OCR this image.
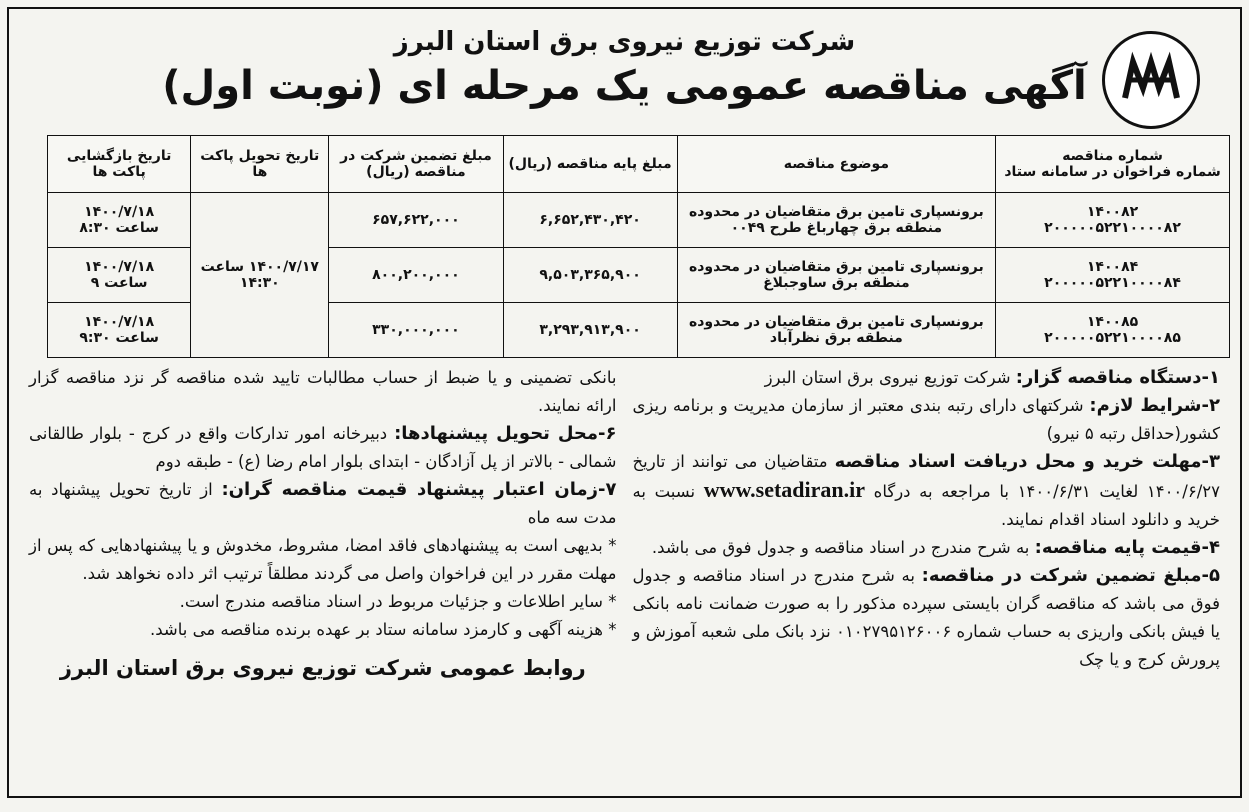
شرکت توزیع نیروی برق استان البرز
آگهی مناقصه عمومی یک مرحله ای (نوبت اول)
شماره مناقصه
شماره فراخوان در سامانه ستاد	موضوع مناقصه	مبلغ پایه مناقصه (ریال)	مبلغ تضمین شرکت در مناقصه (ریال)	تاریخ تحویل پاکت ها	تاریخ بازگشایی پاکت ها

۱۴۰۰۸۲
۲۰۰۰۰۰۵۲۲۱۰۰۰۰۸۲	برونسپاری تامین برق متقاضیان در محدوده منطقه برق چهارباغ طرح ۰۰۴۹	۶,۶۵۲,۴۳۰,۴۲۰	۶۵۷,۶۲۲,۰۰۰	۱۴۰۰/۷/۱۷ ساعت ۱۴:۳۰	۱۴۰۰/۷/۱۸
ساعت ۸:۳۰

۱۴۰۰۸۴
۲۰۰۰۰۰۵۲۲۱۰۰۰۰۸۴	برونسپاری تامین برق متقاضیان در محدوده منطقه برق ساوجبلاغ	۹,۵۰۳,۳۶۵,۹۰۰	۸۰۰,۲۰۰,۰۰۰		۱۴۰۰/۷/۱۸
ساعت ۹

۱۴۰۰۸۵
۲۰۰۰۰۰۵۲۲۱۰۰۰۰۸۵	برونسپاری تامین برق متقاضیان در محدوده منطقه برق نظرآباد	۳,۲۹۳,۹۱۳,۹۰۰	۳۳۰,۰۰۰,۰۰۰		۱۴۰۰/۷/۱۸
ساعت ۹:۳۰

۱-دستگاه مناقصه گزار: شرکت توزیع نیروی برق استان البرز

۲-شرایط لازم: شرکتهای دارای رتبه بندی معتبر از سازمان مدیریت و برنامه ریزی کشور(حداقل رتبه ۵ نیرو)

۳-مهلت خرید و محل دریافت اسناد مناقصه متقاضیان می توانند از تاریخ ۱۴۰۰/۶/۲۷ لغایت ۱۴۰۰/۶/۳۱ با مراجعه به درگاه www.setadiran.ir نسبت به خرید و دانلود اسناد اقدام نمایند.

۴-قیمت پایه مناقصه: به شرح مندرج در اسناد مناقصه و جدول فوق می باشد.

۵-مبلغ تضمین شرکت در مناقصه: به شرح مندرج در اسناد مناقصه و جدول فوق می باشد که مناقصه گران بایستی سپرده مذکور را به صورت ضمانت نامه بانکی یا فیش بانکی واریزی به حساب شماره ۰۱۰۲۷۹۵۱۲۶۰۰۶ نزد بانک ملی شعبه آموزش و پرورش کرج و یا چک

بانکی تضمینی و یا ضبط از حساب مطالبات تایید شده مناقصه گر نزد مناقصه گزار ارائه نمایند.

۶-محل تحویل پیشنهادها: دبیرخانه امور تدارکات واقع در کرج - بلوار طالقانی شمالی - بالاتر از پل آزادگان - ابتدای بلوار امام رضا (ع) - طبقه دوم

۷-زمان اعتبار پیشنهاد قیمت مناقصه گران: از تاریخ تحویل پیشنهاد به مدت سه ماه

* بدیهی است به پیشنهادهای فاقد امضا، مشروط، مخدوش و یا پیشنهادهایی که پس از مهلت مقرر در این فراخوان واصل می گردند مطلقاً ترتیب اثر داده نخواهد شد.

* سایر اطلاعات و جزئیات مربوط در اسناد مناقصه مندرج است.

* هزینه آگهی و کارمزد سامانه ستاد بر عهده برنده مناقصه می باشد.

روابط عمومی شرکت توزیع نیروی برق استان البرز
